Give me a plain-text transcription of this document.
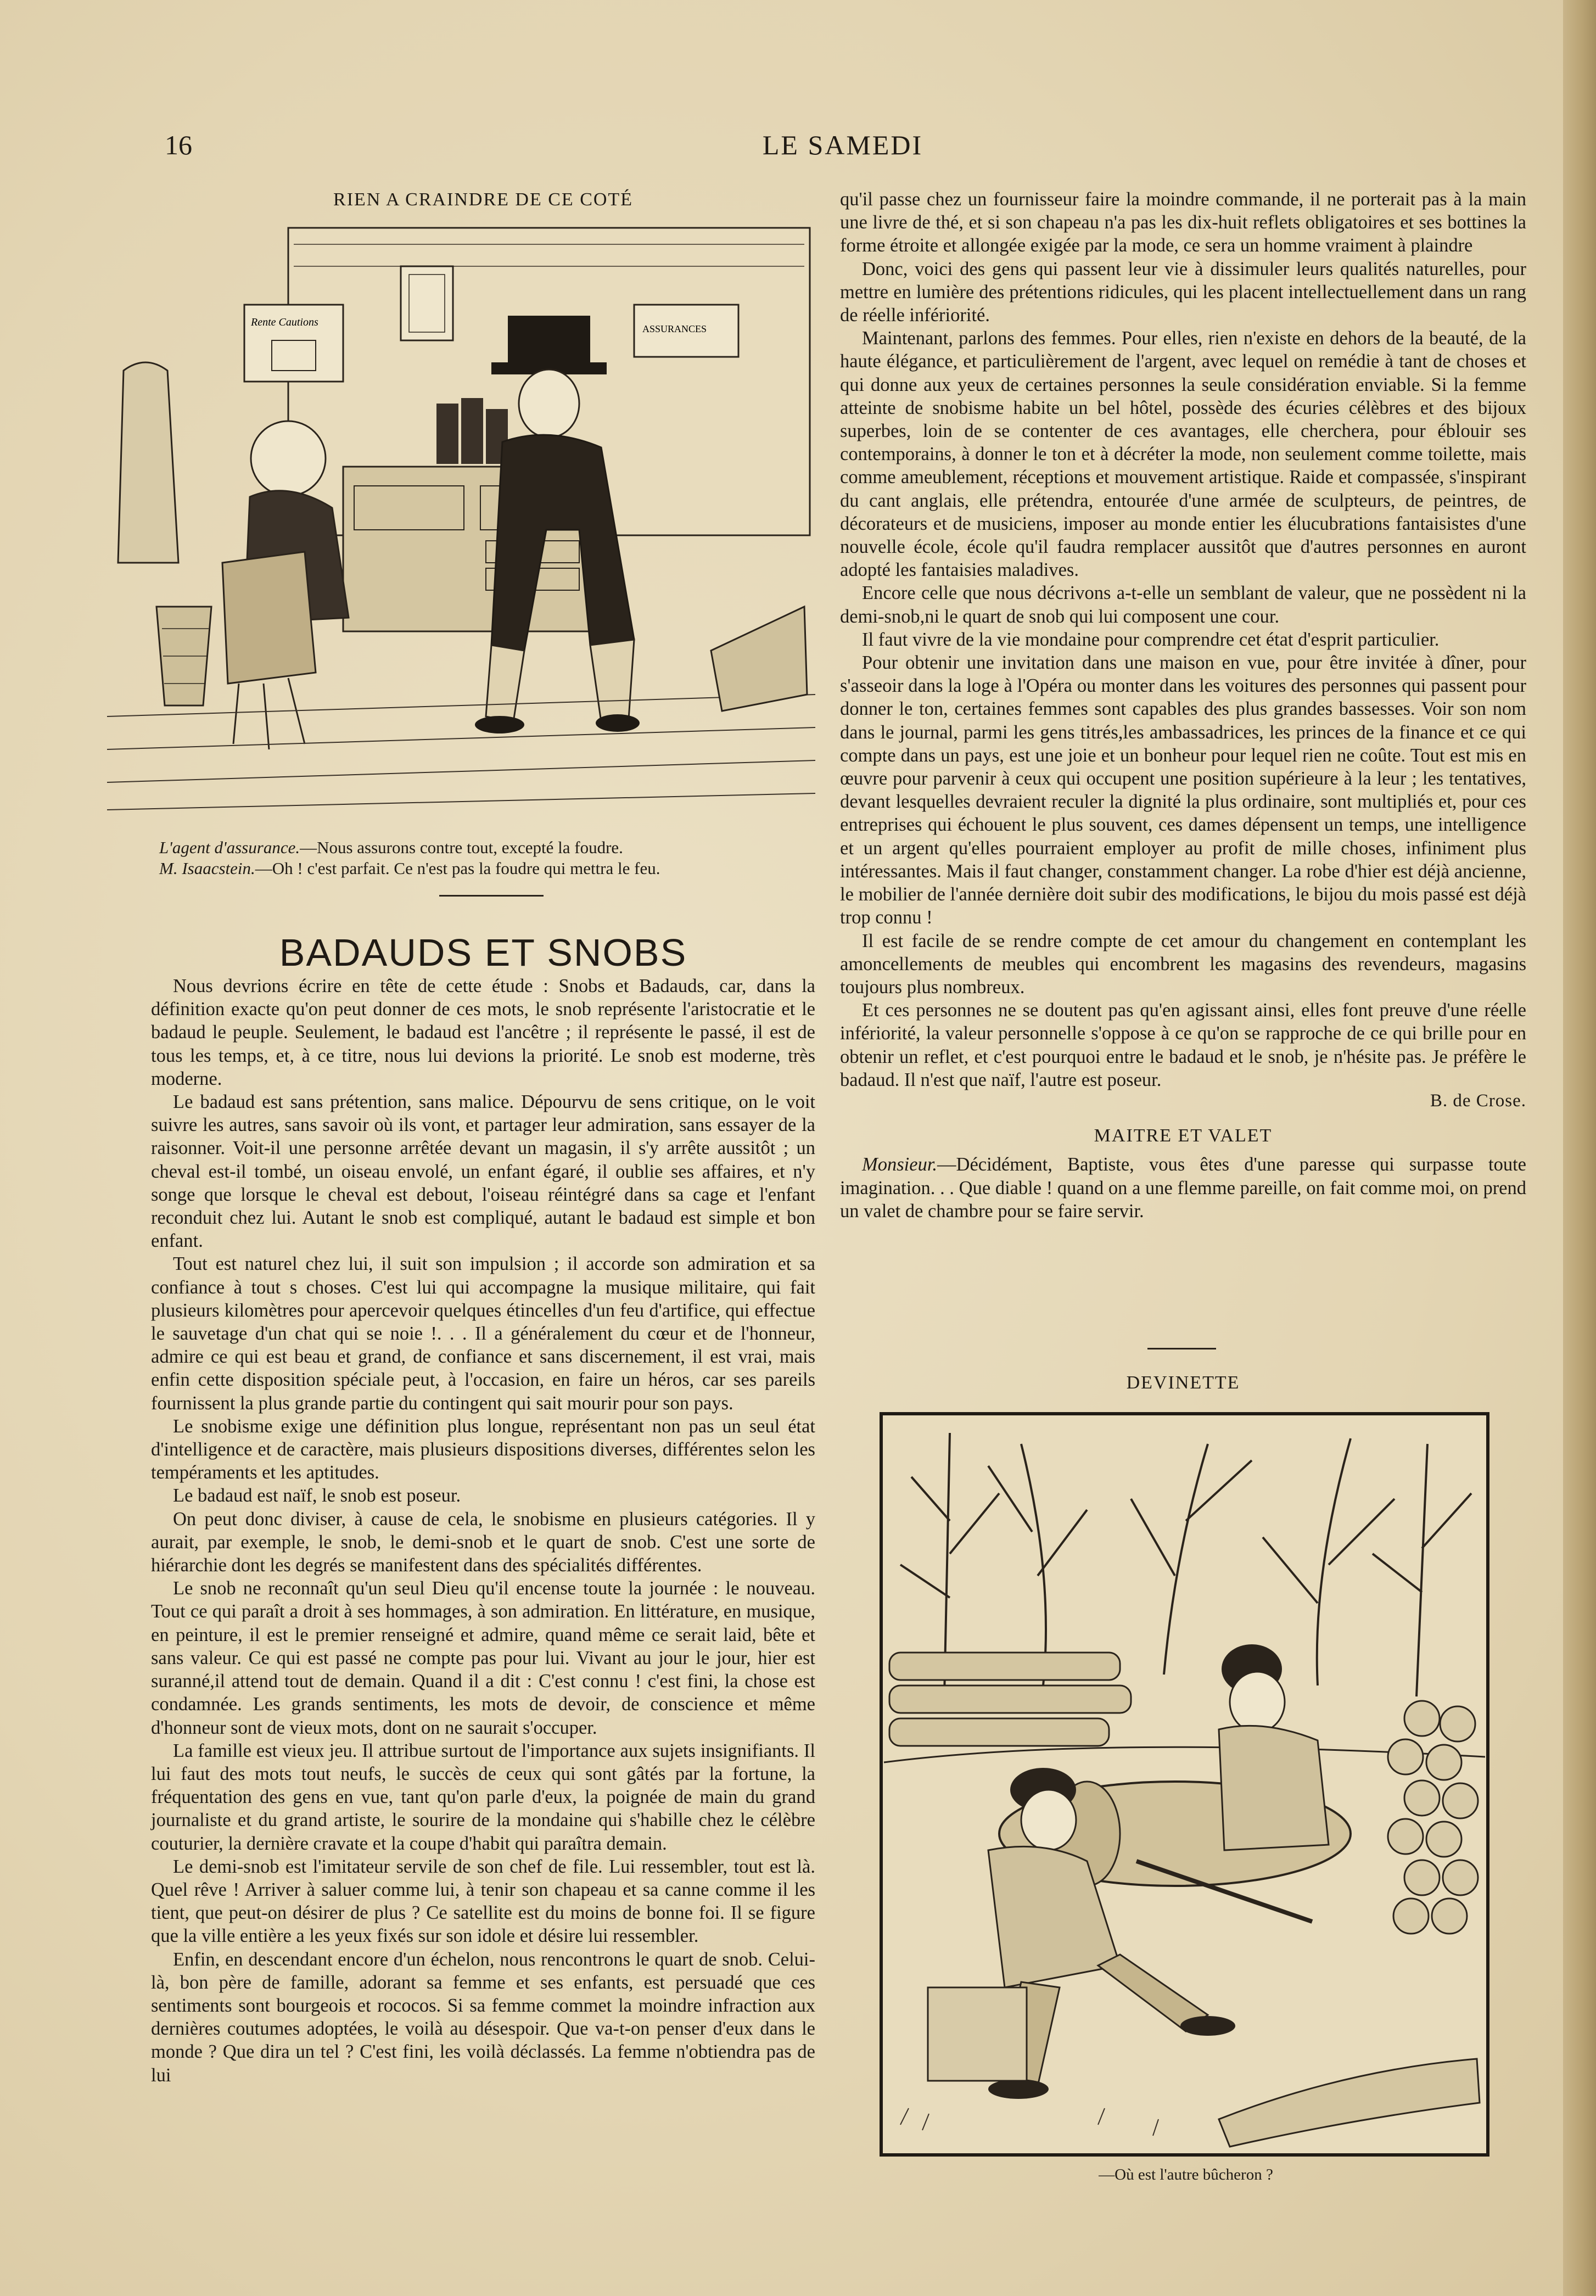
16	LE SAMEDI
RIEN A CRAINDRE DE CE COTÉ
Rente Cautions
ASSURANCES
L'agent d'assurance.—Nous assurons contre tout, excepté la foudre.
M. Isaacstein.—Oh ! c'est parfait. Ce n'est pas la foudre qui mettra le feu.
BADAUDS ET SNOBS

Nous devrions écrire en tête de cette étude : Snobs et Badauds, car, dans la définition exacte qu'on peut donner de ces mots, le snob représente l'aristocratie et le badaud le peuple. Seulement, le badaud est l'ancêtre ; il représente le passé, il est de tous les temps, et, à ce titre, nous lui devions la priorité. Le snob est moderne, très moderne.

Le badaud est sans prétention, sans malice. Dépourvu de sens critique, on le voit suivre les autres, sans savoir où ils vont, et partager leur admiration, sans essayer de la raisonner. Voit-il une personne arrêtée devant un magasin, il s'y arrête aussitôt ; un cheval est-il tombé, un oiseau envolé, un enfant égaré, il oublie ses affaires, et n'y songe que lorsque le cheval est debout, l'oiseau réintégré dans sa cage et l'enfant reconduit chez lui. Autant le snob est compliqué, autant le badaud est simple et bon enfant.

Tout est naturel chez lui, il suit son impulsion ; il accorde son admiration et sa confiance à tout s choses. C'est lui qui accompagne la musique militaire, qui fait plusieurs kilomètres pour apercevoir quelques étincelles d'un feu d'artifice, qui effectue le sauvetage d'un chat qui se noie !. . . Il a généralement du cœur et de l'honneur, admire ce qui est beau et grand, de confiance et sans discernement, il est vrai, mais enfin cette disposition spéciale peut, à l'occasion, en faire un héros, car ses pareils fournissent la plus grande partie du contingent qui sait mourir pour son pays.

Le snobisme exige une définition plus longue, représentant non pas un seul état d'intelligence et de caractère, mais plusieurs dispositions diverses, différentes selon les tempéraments et les aptitudes.

Le badaud est naïf, le snob est poseur.

On peut donc diviser, à cause de cela, le snobisme en plusieurs catégories. Il y aurait, par exemple, le snob, le demi-snob et le quart de snob. C'est une sorte de hiérarchie dont les degrés se manifestent dans des spécialités différentes.

Le snob ne reconnaît qu'un seul Dieu qu'il encense toute la journée : le nouveau. Tout ce qui paraît a droit à ses hommages, à son admiration. En littérature, en musique, en peinture, il est le premier renseigné et admire, quand même ce serait laid, bête et sans valeur. Ce qui est passé ne compte pas pour lui. Vivant au jour le jour, hier est suranné,il attend tout de demain. Quand il a dit : C'est connu ! c'est fini, la chose est condamnée. Les grands sentiments, les mots de devoir, de conscience et même d'honneur sont de vieux mots, dont on ne saurait s'occuper.

La famille est vieux jeu. Il attribue surtout de l'importance aux sujets insignifiants. Il lui faut des mots tout neufs, le succès de ceux qui sont gâtés par la fortune, la fréquentation des gens en vue, tant qu'on parle d'eux, la poignée de main du grand journaliste et du grand artiste, le sourire de la mondaine qui s'habille chez le célèbre couturier, la dernière cravate et la coupe d'habit qui paraîtra demain.

Le demi-snob est l'imitateur servile de son chef de file. Lui ressembler, tout est là. Quel rêve ! Arriver à saluer comme lui, à tenir son chapeau et sa canne comme il les tient, que peut-on désirer de plus ? Ce satellite est du moins de bonne foi. Il se figure que la ville entière a les yeux fixés sur son idole et désire lui ressembler.

Enfin, en descendant encore d'un échelon, nous rencontrons le quart de snob. Celui-là, bon père de famille, adorant sa femme et ses enfants, est persuadé que ces sentiments sont bourgeois et rococos. Si sa femme commet la moindre infraction aux dernières coutumes adoptées, le voilà au désespoir. Que va-t-on penser d'eux dans le monde ? Que dira un tel ? C'est fini, les voilà déclassés. La femme n'obtiendra pas de lui

qu'il passe chez un fournisseur faire la moindre commande, il ne porterait pas à la main une livre de thé, et si son chapeau n'a pas les dix-huit reflets obligatoires et ses bottines la forme étroite et allongée exigée par la mode, ce sera un homme vraiment à plaindre

Donc, voici des gens qui passent leur vie à dissimuler leurs qualités naturelles, pour mettre en lumière des prétentions ridicules, qui les placent intellectuellement dans un rang de réelle infériorité.

Maintenant, parlons des femmes. Pour elles, rien n'existe en dehors de la beauté, de la haute élégance, et particulièrement de l'argent, avec lequel on remédie à tant de choses et qui donne aux yeux de certaines personnes la seule considération enviable. Si la femme atteinte de snobisme habite un bel hôtel, possède des écuries célèbres et des bijoux superbes, loin de se contenter de ces avantages, elle cherchera, pour éblouir ses contemporains, à donner le ton et à décréter la mode, non seulement comme toilette, mais comme ameublement, réceptions et mouvement artistique. Raide et compassée, s'inspirant du cant anglais, elle prétendra, entourée d'une armée de sculpteurs, de peintres, de décorateurs et de musiciens, imposer au monde entier les élucubrations fantaisistes d'une nouvelle école, école qu'il faudra remplacer aussitôt que d'autres personnes en auront adopté les fantaisies maladives.

Encore celle que nous décrivons a-t-elle un semblant de valeur, que ne possèdent ni la demi-snob,ni le quart de snob qui lui composent une cour.

Il faut vivre de la vie mondaine pour comprendre cet état d'esprit particulier.

Pour obtenir une invitation dans une maison en vue, pour être invitée à dîner, pour s'asseoir dans la loge à l'Opéra ou monter dans les voitures des personnes qui passent pour donner le ton, certaines femmes sont capables des plus grandes bassesses. Voir son nom dans le journal, parmi les gens titrés,les ambassadrices, les princes de la finance et ce qui compte dans un pays, est une joie et un bonheur pour lequel rien ne coûte. Tout est mis en œuvre pour parvenir à ceux qui occupent une position supérieure à la leur ; les tentatives, devant lesquelles devraient reculer la dignité la plus ordinaire, sont multipliés et, pour ces entreprises qui échouent le plus souvent, ces dames dépensent un temps, une intelligence et un argent qu'elles pourraient employer au profit de mille choses, infiniment plus intéressantes. Mais il faut changer, constamment changer. La robe d'hier est déjà ancienne, le mobilier de l'année dernière doit subir des modifications, le bijou du mois passé est déjà trop connu !

Il est facile de se rendre compte de cet amour du changement en contemplant les amoncellements de meubles qui encombrent les magasins des revendeurs, magasins toujours plus nombreux.

Et ces personnes ne se doutent pas qu'en agissant ainsi, elles font preuve d'une réelle infériorité, la valeur personnelle s'oppose à ce qu'on se rapproche de ce qui brille pour en obtenir un reflet, et c'est pourquoi entre le badaud et le snob, je n'hésite pas. Je préfère le badaud. Il n'est que naïf, l'autre est poseur.

B. de Crose.
MAITRE ET VALET

Monsieur.—Décidément, Baptiste, vous êtes d'une paresse qui surpasse toute imagination. . . Que diable ! quand on a une flemme pareille, on fait comme moi, on prend un valet de chambre pour se faire servir.

DEVINETTE
—Où est l'autre bûcheron ?
